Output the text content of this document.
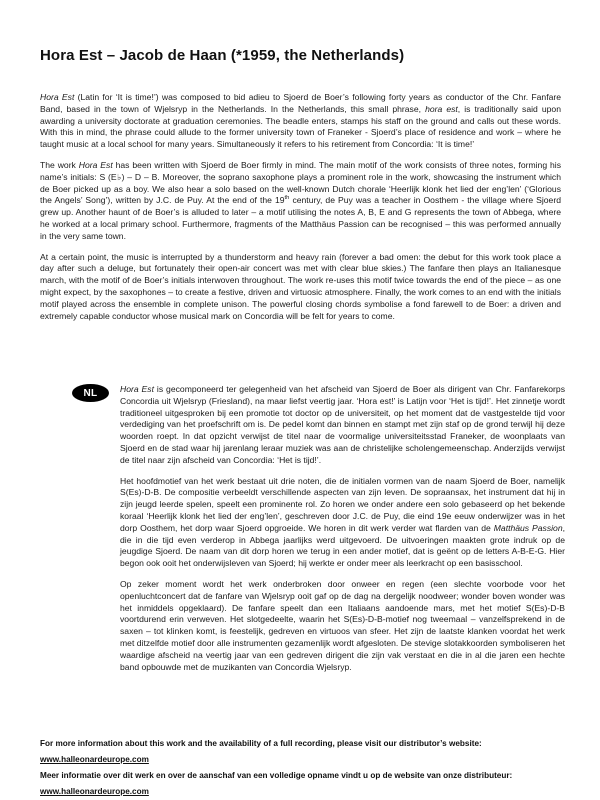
Hora Est – Jacob de Haan (*1959, the Netherlands)

Hora Est (Latin for ‘It is time!’) was composed to bid adieu to Sjoerd de Boer’s following forty years as conductor of the Chr. Fanfare Band, based in the town of Wjelsryp in the Netherlands. In the Netherlands, this small phrase, hora est, is traditionally said upon awarding a university doctorate at graduation ceremonies. The beadle enters, stamps his staff on the ground and calls out these words. With this in mind, the phrase could allude to the former university town of Franeker - Sjoerd’s place of residence and work – where he taught music at a local school for many years. Simultaneously it refers to his retirement from Concordia: ‘It is time!’

The work Hora Est has been written with Sjoerd de Boer firmly in mind. The main motif of the work consists of three notes, forming his name’s initials: S (E♭) – D – B. Moreover, the soprano saxophone plays a prominent role in the work, showcasing the instrument which de Boer picked up as a boy. We also hear a solo based on the well-known Dutch chorale ‘Heerlijk klonk het lied der eng’len’ (‘Glorious the Angels’ Song’), written by J.C. de Puy. At the end of the 19th century, de Puy was a teacher in Oosthem - the village where Sjoerd grew up. Another haunt of de Boer’s is alluded to later – a motif utilising the notes A, B, E and G represents the town of Abbega, where he worked at a local primary school. Furthermore, fragments of the Matthäus Passion can be recognised – this was performed annually in the very same town.

At a certain point, the music is interrupted by a thunderstorm and heavy rain (forever a bad omen: the debut for this work took place a day after such a deluge, but fortunately their open-air concert was met with clear blue skies.) The fanfare then plays an Italianesque march, with the motif of de Boer’s initials interwoven throughout. The work re-uses this motif twice towards the end of the piece – as one might expect, by the saxophones – to create a festive, driven and virtuosic atmosphere. Finally, the work comes to an end with the initials motif played across the ensemble in complete unison. The powerful closing chords symbolise a fond farewell to de Boer: a driven and extremely capable conductor whose musical mark on Concordia will be felt for years to come.

NL	Hora Est is gecomponeerd ter gelegenheid van het afscheid van Sjoerd de Boer als dirigent van Chr. Fanfarekorps Concordia uit Wjelsryp (Friesland), na maar liefst veertig jaar. ‘Hora est!’ is Latijn voor ‘Het is tijd!’. Het zinnetje wordt traditioneel uitgesproken bij een promotie tot doctor op de universiteit, op het moment dat de vastgestelde tijd voor verdediging van het proefschrift om is. De pedel komt dan binnen en stampt met zijn staf op de grond terwijl hij deze woorden roept. In dat opzicht verwijst de titel naar de voormalige universiteitsstad Franeker, de woonplaats van Sjoerd en de stad waar hij jarenlang leraar muziek was aan de christelijke scholengemeenschap. Anderzijds verwijst de titel naar zijn afscheid van Concordia: ‘Het is tijd!’.

Het hoofdmotief van het werk bestaat uit drie noten, die de initialen vormen van de naam Sjoerd de Boer, namelijk S(Es)-D-B. De compositie verbeeldt verschillende aspecten van zijn leven. De sopraansax, het instrument dat hij in zijn jeugd leerde spelen, speelt een prominente rol. Zo horen we onder andere een solo gebaseerd op het bekende koraal ‘Heerlijk klonk het lied der eng’len’, geschreven door J.C. de Puy, die eind 19e eeuw onderwijzer was in het dorp Oosthem, het dorp waar Sjoerd opgroeide. We horen in dit werk verder wat flarden van de Matthäus Passion, die in die tijd even verderop in Abbega jaarlijks werd uitgevoerd. De uitvoeringen maakten grote indruk op de jeugdige Sjoerd. De naam van dit dorp horen we terug in een ander motief, dat is geënt op de letters A-B-E-G. Hier begon ook ooit het onderwijsleven van Sjoerd; hij werkte er onder meer als leerkracht op een basisschool.

Op zeker moment wordt het werk onderbroken door onweer en regen (een slechte voorbode voor het openluchtconcert dat de fanfare van Wjelsryp ooit gaf op de dag na dergelijk noodweer; wonder boven wonder was het inmiddels opgeklaard). De fanfare speelt dan een Italiaans aandoende mars, met het motief S(Es)-D-B voortdurend erin verweven. Het slotgedeelte, waarin het S(Es)-D-B-motief nog tweemaal – vanzelfsprekend in de saxen – tot klinken komt, is feestelijk, gedreven en virtuoos van sfeer. Het zijn de laatste klanken voordat het werk met ditzelfde motief door alle instrumenten gezamenlijk wordt afgesloten. De stevige slotakkoorden symboliseren het waardige afscheid na veertig jaar van een gedreven dirigent die zijn vak verstaat en die in al die jaren een hechte band opbouwde met de muzikanten van Concordia Wjelsryp.

For more information about this work and the availability of a full recording, please visit our distributor’s website: www.halleonardeurope.com

Meer informatie over dit werk en over de aanschaf van een volledige opname vindt u op de website van onze distributeur: www.halleonardeurope.com
